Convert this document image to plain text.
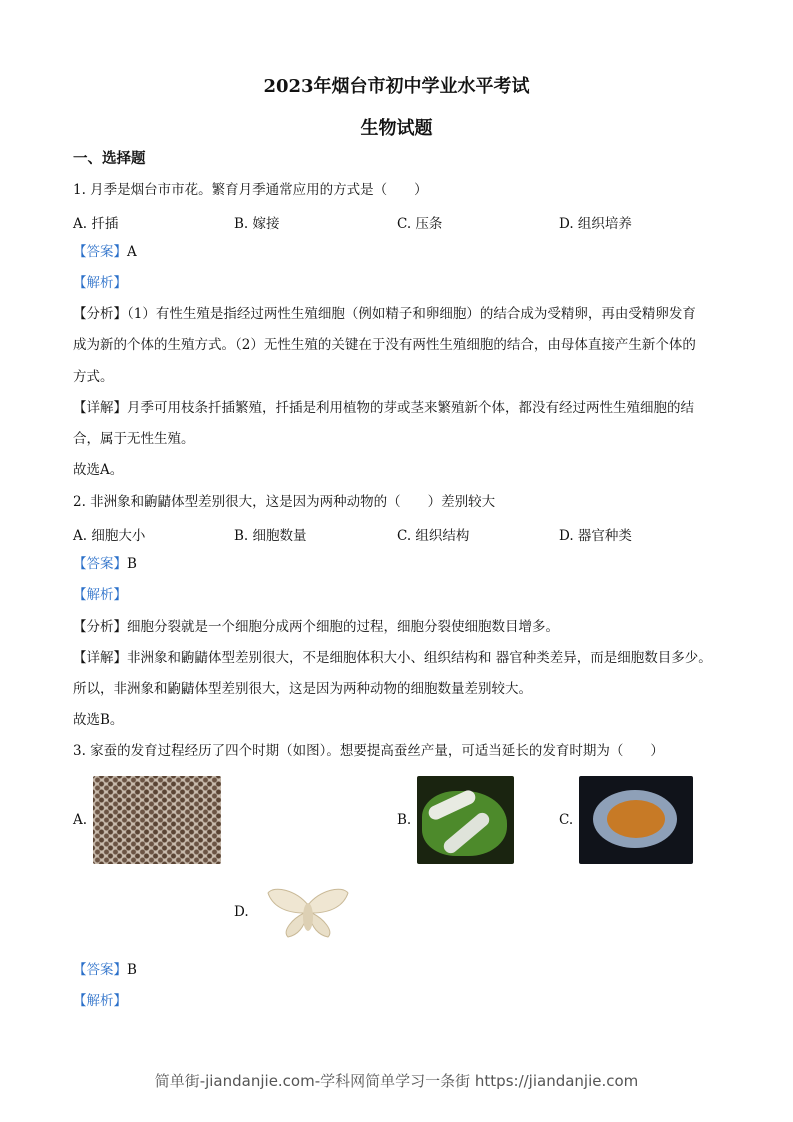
2023年烟台市初中学业水平考试
生物试题
一、选择题
1. 月季是烟台市市花。繁育月季通常应用的方式是（　　）
A. 扦插	B. 嫁接	C. 压条	D. 组织培养
【答案】A
【解析】
【分析】（1）有性生殖是指经过两性生殖细胞（例如精子和卵细胞）的结合成为受精卵，再由受精卵发育
成为新的个体的生殖方式。（2）无性生殖的关键在于没有两性生殖细胞的结合，由母体直接产生新个体的
方式。
【详解】月季可用枝条扦插繁殖，扦插是利用植物的芽或茎来繁殖新个体，都没有经过两性生殖细胞的结
合，属于无性生殖。
故选A。
2. 非洲象和鼩鼱体型差别很大，这是因为两种动物的（　　）差别较大
A. 细胞大小	B. 细胞数量	C. 组织结构	D. 器官种类
【答案】B
【解析】
【分析】细胞分裂就是一个细胞分成两个细胞的过程，细胞分裂使细胞数目增多。
【详解】非洲象和鼩鼱体型差别很大，不是细胞体积大小、组织结构和 器官种类差异，而是细胞数目多少。
所以，非洲象和鼩鼱体型差别很大，这是因为两种动物的细胞数量差别较大。
故选B。
3. 家蚕的发育过程经历了四个时期（如图）。想要提高蚕丝产量，可适当延长的发育时期为（　　）
A.	B.	C.
D.
【答案】B
【解析】
简单街-jiandanjie.com-学科网简单学习一条街 https://jiandanjie.com
